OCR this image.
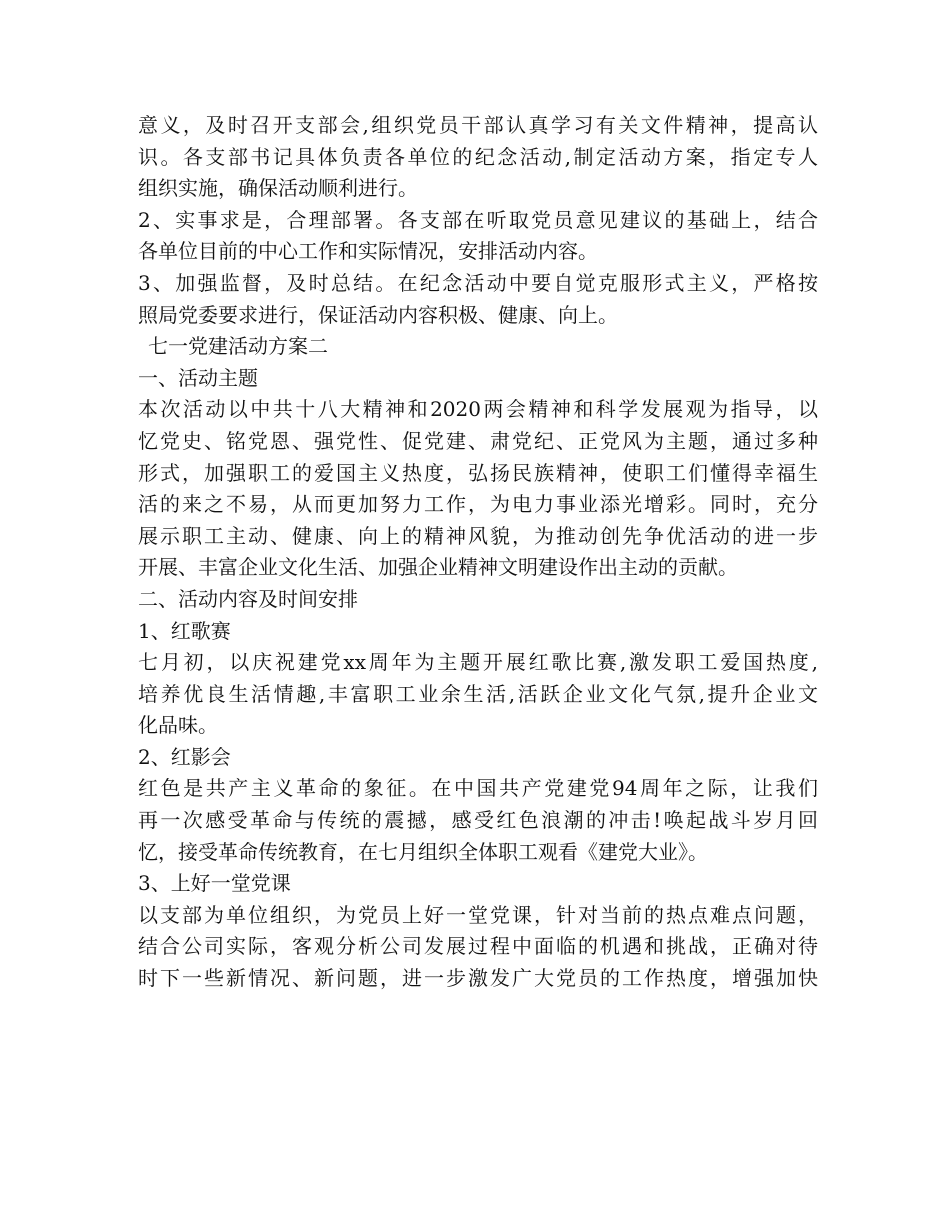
意义，及时召开支部会,组织党员干部认真学习有关文件精神，提高认
识。各支部书记具体负责各单位的纪念活动,制定活动方案，指定专人
组织实施，确保活动顺利进行。
2、实事求是，合理部署。各支部在听取党员意见建议的基础上，结合
各单位目前的中心工作和实际情况，安排活动内容。
3、加强监督，及时总结。在纪念活动中要自觉克服形式主义，严格按
照局党委要求进行，保证活动内容积极、健康、向上。
七一党建活动方案二
一、活动主题
本次活动以中共十八大精神和2020两会精神和科学发展观为指导，以
忆党史、铭党恩、强党性、促党建、肃党纪、正党风为主题，通过多种
形式，加强职工的爱国主义热度，弘扬民族精神，使职工们懂得幸福生
活的来之不易，从而更加努力工作，为电力事业添光增彩。同时，充分
展示职工主动、健康、向上的精神风貌，为推动创先争优活动的进一步
开展、丰富企业文化生活、加强企业精神文明建设作出主动的贡献。
二、活动内容及时间安排
1、红歌赛
七月初，以庆祝建党xx周年为主题开展红歌比赛,激发职工爱国热度,
培养优良生活情趣,丰富职工业余生活,活跃企业文化气氛,提升企业文
化品味。
2、红影会
红色是共产主义革命的象征。在中国共产党建党94周年之际，让我们
再一次感受革命与传统的震撼，感受红色浪潮的冲击!唤起战斗岁月回
忆，接受革命传统教育，在七月组织全体职工观看《建党大业》。
3、上好一堂党课
以支部为单位组织，为党员上好一堂党课，针对当前的热点难点问题，
结合公司实际，客观分析公司发展过程中面临的机遇和挑战，正确对待
时下一些新情况、新问题，进一步激发广大党员的工作热度，增强加快
